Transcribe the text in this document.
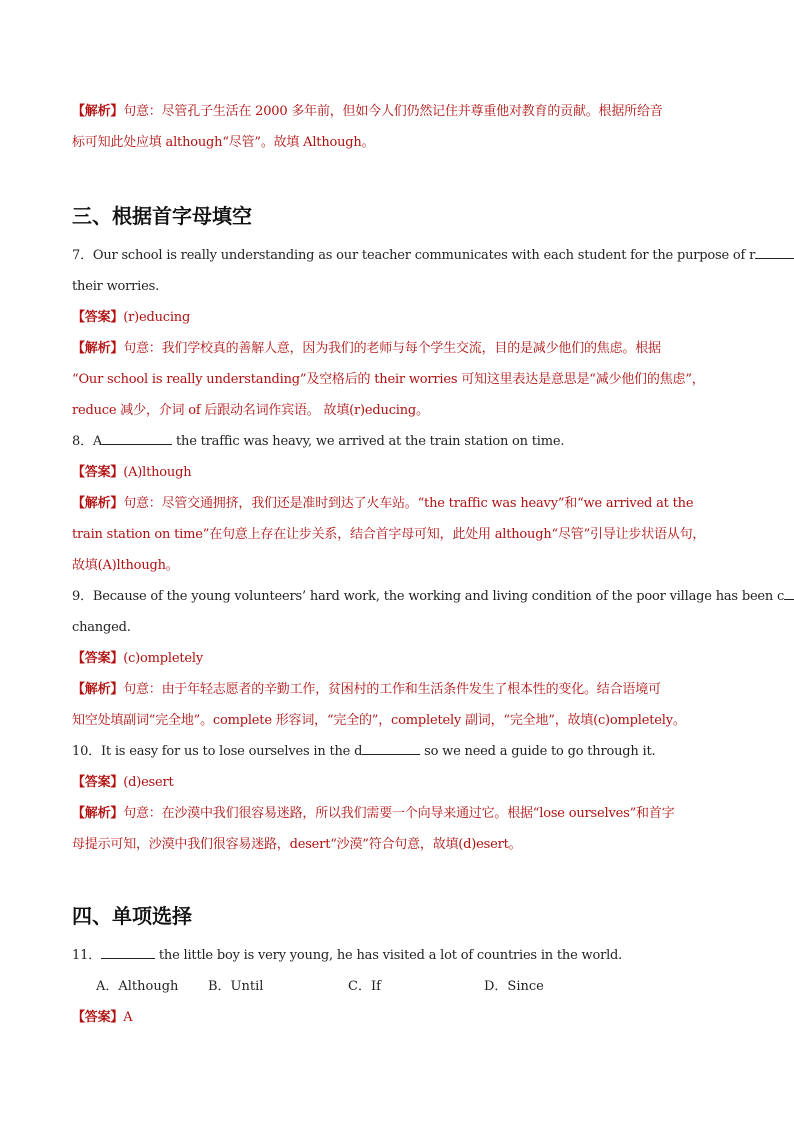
【解析】句意：尽管孔子生活在 2000 多年前，但如今人们仍然记住并尊重他对教育的贡献。根据所给音
标可知此处应填 although“尽管”。故填 Although。
三、根据首字母填空
7．Our school is really understanding as our teacher communicates with each student for the purpose of r
their worries.
【答案】(r)educing
【解析】句意：我们学校真的善解人意，因为我们的老师与每个学生交流，目的是减少他们的焦虑。根据
“Our school is really understanding”及空格后的 their worries 可知这里表达是意思是“减少他们的焦虑”，
reduce 减少，介词 of 后跟动名词作宾语。 故填(r)educing。
8．A	the traffic was heavy, we arrived at the train station on time.
【答案】(A)lthough
【解析】句意：尽管交通拥挤，我们还是准时到达了火车站。“the traffic was heavy”和“we arrived at the
train station on time”在句意上存在让步关系，结合首字母可知，此处用 although“尽管”引导让步状语从句，
故填(A)lthough。
9．Because of the young volunteers’ hard work, the working and living condition of the poor village has been c
changed.
【答案】(c)ompletely
【解析】句意：由于年轻志愿者的辛勤工作，贫困村的工作和生活条件发生了根本性的变化。结合语境可
知空处填副词“完全地”。complete 形容词，“完全的”，completely 副词，“完全地”，故填(c)ompletely。
10．It is easy for us to lose ourselves in the d	so we need a guide to go through it.
【答案】(d)esert
【解析】句意：在沙漠中我们很容易迷路，所以我们需要一个向导来通过它。根据“lose ourselves”和首字
母提示可知，沙漠中我们很容易迷路，desert“沙漠”符合句意，故填(d)esert。
四、单项选择
11．	the little boy is very young, he has visited a lot of countries in the world.
A．Although	B．Until	C．If	D．Since
【答案】A
